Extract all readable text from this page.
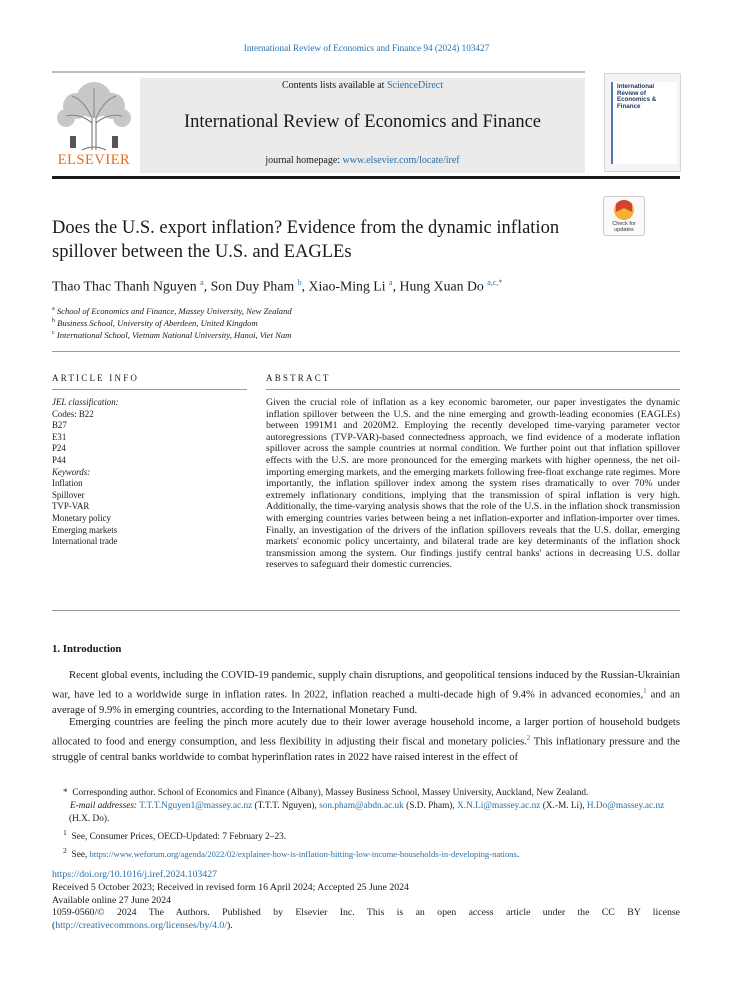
International Review of Economics and Finance 94 (2024) 103427
ELSEVIER
Contents lists available at ScienceDirect
International Review of Economics and Finance
journal homepage: www.elsevier.com/locate/iref
International Review of Economics & Finance
Check for updates
Does the U.S. export inflation? Evidence from the dynamic inflation spillover between the U.S. and EAGLEs
Thao Thac Thanh Nguyen $^a$, Son Duy Pham $^b$, Xiao-Ming Li $^a$, Hung Xuan Do $^{a,c,*}$
$^a$ School of Economics and Finance, Massey University, New Zealand
$^b$ Business School, University of Aberdeen, United Kingdom
$^c$ International School, Vietnam National University, Hanoi, Viet Nam
ARTICLE INFO	ABSTRACT
JEL classification:
Codes: B22
B27
E31
P24
P44
Keywords:
Inflation
Spillover
TVP-VAR
Monetary policy
Emerging markets
International trade
Given the crucial role of inflation as a key economic barometer, our paper investigates the dynamic inflation spillover between the U.S. and the nine emerging and growth-leading economies (EAGLEs) between 1991M1 and 2020M2. Employing the recently developed time-varying parameter vector autoregressions (TVP-VAR)-based connectedness approach, we find evidence of a moderate inflation spillover across the sample countries at normal condition. We further point out that inflation spillover effects with the U.S. are more pronounced for the emerging markets with higher openness, the net oil-importing emerging markets, and the emerging markets following free-float exchange rate regimes. More importantly, the inflation spillover index among the system rises dramatically to over 70% under extremely inflationary conditions, implying that the transmission of spiral inflation is very high. Additionally, the time-varying analysis shows that the role of the U.S. in the inflation shock transmission with emerging countries varies between being a net inflation-exporter and inflation-importer over times. Finally, an investigation of the drivers of the inflation spillovers reveals that the U.S. dollar, emerging markets' economic policy uncertainty, and bilateral trade are key determinants of the inflation shock transmission among the system. Our findings justify central banks' actions in decreasing U.S. dollar reserves to safeguard their domestic currencies.
1. Introduction
Recent global events, including the COVID-19 pandemic, supply chain disruptions, and geopolitical tensions induced by the Russian-Ukrainian war, have led to a worldwide surge in inflation rates. In 2022, inflation reached a multi-decade high of 9.4% in advanced economies,$^1$ and an average of 9.9% in emerging countries, according to the International Monetary Fund.
Emerging countries are feeling the pinch more acutely due to their lower average household income, a larger portion of household budgets allocated to food and energy consumption, and less flexibility in adjusting their fiscal and monetary policies.$^2$ This inflationary pressure and the struggle of central banks worldwide to combat hyperinflation rates in 2022 have raised interest in the effect of
* Corresponding author. School of Economics and Finance (Albany), Massey Business School, Massey University, Auckland, New Zealand.
E-mail addresses: T.T.T.Nguyen1@massey.ac.nz (T.T.T. Nguyen), son.pham@abdn.ac.uk (S.D. Pham), X.N.Li@massey.ac.nz (X.-M. Li), H.Do@massey.ac.nz (H.X. Do).
$^1$ See, Consumer Prices, OECD-Updated: 7 February 2–23.
$^2$ See, https://www.weforum.org/agenda/2022/02/explainer-how-is-inflation-hitting-low-income-households-in-developing-nations.
https://doi.org/10.1016/j.iref.2024.103427
Received 5 October 2023; Received in revised form 16 April 2024; Accepted 25 June 2024
Available online 27 June 2024
1059-0560/© 2024 The Authors. Published by Elsevier Inc. This is an open access article under the CC BY license
(http://creativecommons.org/licenses/by/4.0/).
